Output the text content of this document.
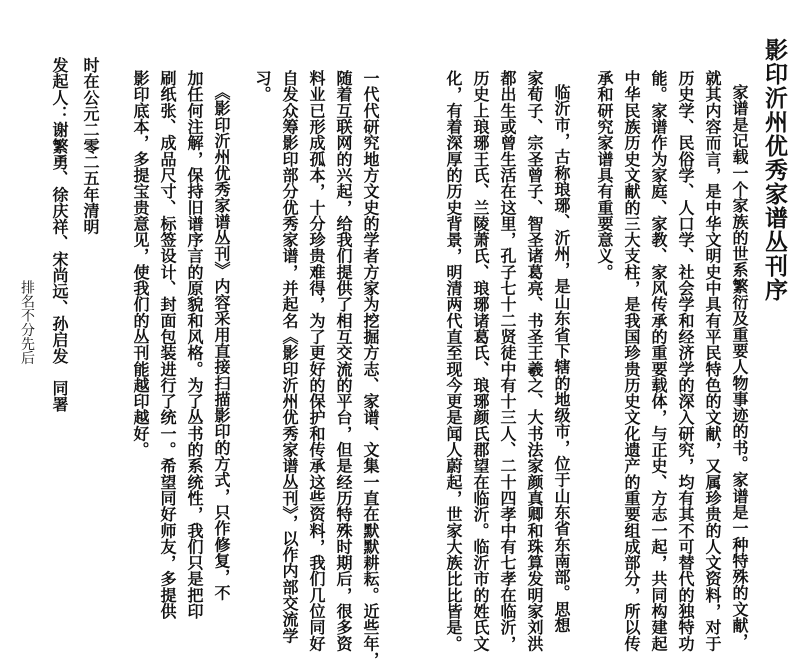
影印沂州优秀家谱丛刊序
家谱是记载一个家族的世系繁衍及重要人物事迹的书。家谱是一种特殊的文献，
就其内容而言，是中华文明史中具有平民特色的文献，又属珍贵的人文资料，对于
历史学、民俗学、人口学、社会学和经济学的深入研究，均有其不可替代的独特功
能。家谱作为家庭、家教、家风传承的重要载体，与正史、方志一起，共同构建起
中华民族历史文献的三大支柱，是我国珍贵历史文化遗产的重要组成部分，所以传
承和研究家谱具有重要意义。
临沂市，古称琅琊、沂州，是山东省下辖的地级市，位于山东省东南部。思想
家荀子、宗圣曾子、智圣诸葛亮、书圣王羲之、大书法家颜真卿和珠算发明家刘洪
都出生或曾生活在这里，孔子七十二贤徒中有十三人、二十四孝中有七孝在临沂，
历史上琅琊王氏、兰陵萧氏、琅琊诸葛氏、琅琊颜氏郡望在临沂。临沂市的姓氏文
化，有着深厚的历史背景，明清两代直至现今更是闻人蔚起，世家大族比比皆是。
一代代研究地方文史的学者方家为挖掘方志、家谱、文集一直在默默耕耘。近些年，
随着互联网的兴起，给我们提供了相互交流的平台，但是经历特殊时期后，很多资
料业已形成孤本，十分珍贵难得，为了更好的保护和传承这些资料，我们几位同好
自发众筹影印部分优秀家谱，并起名《影印沂州优秀家谱丛刊》，以作内部交流学
习。
《影印沂州优秀家谱丛刊》内容采用直接扫描影印的方式，只作修复，不
加任何注解，保持旧谱序言的原貌和风格。为了丛书的系统性，我们只是把印
刷纸张、成品尺寸、标签设计、封面包装进行了统一。希望同好师友，多提供
影印底本，多提宝贵意见，使我们的丛刊能越印越好。
时在公元二零二五年清明
发起人：谢繁勇、徐庆祥、宋尚远、孙启发　同署
排名不分先后
